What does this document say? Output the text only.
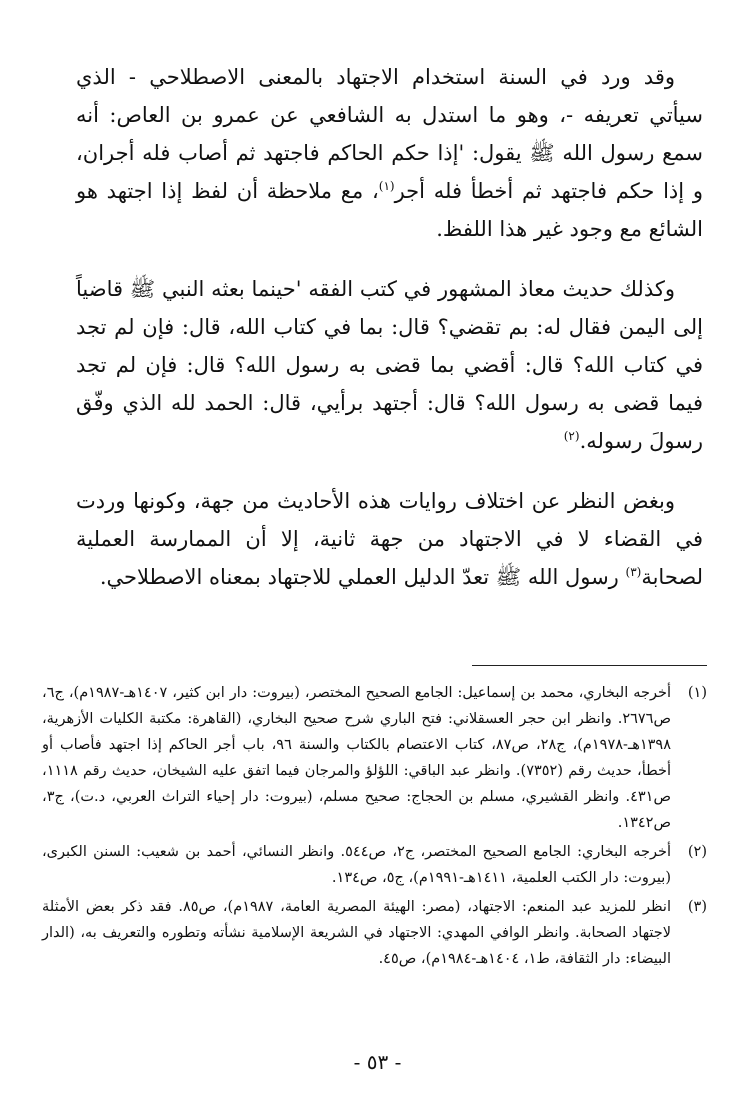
وقد ورد في السنة استخدام الاجتهاد بالمعنى الاصطلاحي - الذي سيأتي تعريفه -، وهو ما استدل به الشافعي عن عمرو بن العاص: أنه سمع رسول الله ﷺ يقول: 'إذا حكم الحاكم فاجتهد ثم أصاب فله أجران، و إذا حكم فاجتهد ثم أخطأ فله أجر$^{(١)}$، مع ملاحظة أن لفظ إذا اجتهد هو الشائع مع وجود غير هذا اللفظ.

وكذلك حديث معاذ المشهور في كتب الفقه 'حينما بعثه النبي ﷺ قاضياً إلى اليمن فقال له: بم تقضي؟ قال: بما في كتاب الله، قال: فإن لم تجد في كتاب الله؟ قال: أقضي بما قضى به رسول الله؟ قال: فإن لم تجد فيما قضى به رسول الله؟ قال: أجتهد برأيي، قال: الحمد لله الذي وفّق رسولَ رسوله.$^{(٢)}$

وبغض النظر عن اختلاف روايات هذه الأحاديث من جهة، وكونها وردت في القضاء لا في الاجتهاد من جهة ثانية، إلا أن الممارسة العملية لصحابة$^{(٣)}$ رسول الله ﷺ تعدّ الدليل العملي للاجتهاد بمعناه الاصطلاحي.

(١)
أخرجه البخاري، محمد بن إسماعيل: الجامع الصحيح المختصر، (بيروت: دار ابن كثير، ١٤٠٧هـ-١٩٨٧م)، ج٦، ص٢٦٧٦. وانظر ابن حجر العسقلاني: فتح الباري شرح صحيح البخاري، (القاهرة: مكتبة الكليات الأزهرية، ١٣٩٨هـ-١٩٧٨م)، ج٢٨، ص٨٧، كتاب الاعتصام بالكتاب والسنة ٩٦، باب أجر الحاكم إذا اجتهد فأصاب أو أخطأ، حديث رقم (٧٣٥٢). وانظر عبد الباقي: اللؤلؤ والمرجان فيما اتفق عليه الشيخان، حديث رقم ١١١٨، ص٤٣١. وانظر القشيري، مسلم بن الحجاج: صحيح مسلم، (بيروت: دار إحياء التراث العربي، د.ت)، ج٣، ص١٣٤٢.
(٢)
أخرجه البخاري: الجامع الصحيح المختصر، ج٢، ص٥٤٤. وانظر النسائي، أحمد بن شعيب: السنن الكبرى، (بيروت: دار الكتب العلمية، ١٤١١هـ-١٩٩١م)، ج٥، ص١٣٤.
(٣)
انظر للمزيد عبد المنعم: الاجتهاد، (مصر: الهيئة المصرية العامة، ١٩٨٧م)، ص٨٥. فقد ذكر بعض الأمثلة لاجتهاد الصحابة. وانظر الوافي المهدي: الاجتهاد في الشريعة الإسلامية نشأته وتطوره والتعريف به، (الدار البيضاء: دار الثقافة، ط١، ١٤٠٤هـ-١٩٨٤م)، ص٤٥.
- ٥٣ -
